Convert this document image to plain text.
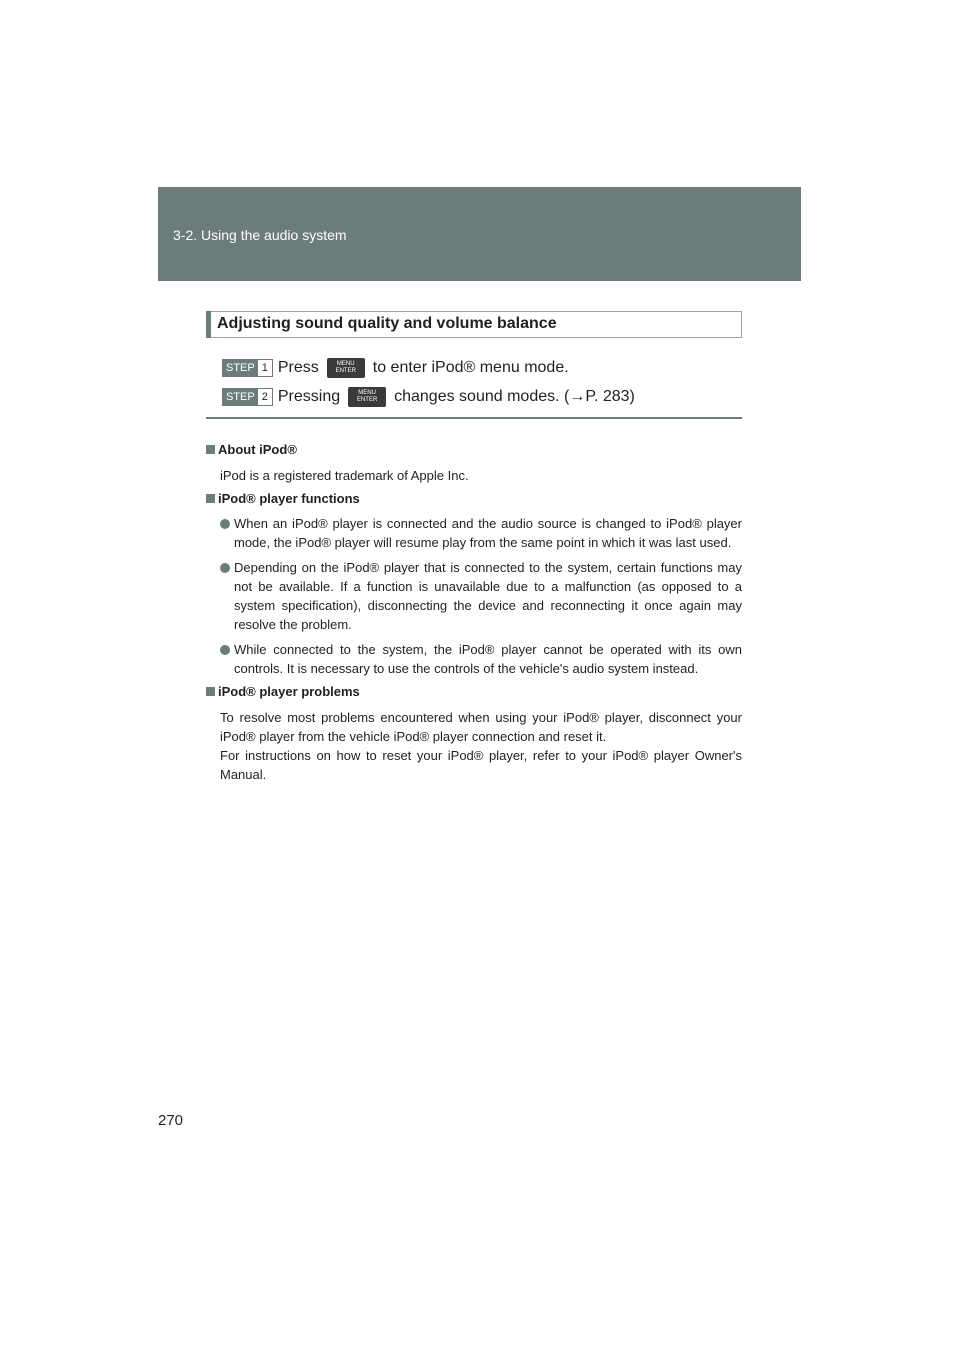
3-2. Using the audio system
Adjusting sound quality and volume balance
STEP 1 Press	MENU ENTER	to enter iPod® menu mode.
STEP 2 Pressing	MENU ENTER	changes sound modes. (→P. 283)
About iPod®
iPod is a registered trademark of Apple Inc.
iPod® player functions
When an iPod® player is connected and the audio source is changed to iPod® player mode, the iPod® player will resume play from the same point in which it was last used.
Depending on the iPod® player that is connected to the system, certain functions may not be available. If a function is unavailable due to a malfunction (as opposed to a system specification), disconnecting the device and reconnecting it once again may resolve the problem.
While connected to the system, the iPod® player cannot be operated with its own controls. It is necessary to use the controls of the vehicle's audio system instead.
iPod® player problems
To resolve most problems encountered when using your iPod® player, disconnect your iPod® player from the vehicle iPod® player connection and reset it.
For instructions on how to reset your iPod® player, refer to your iPod® player Owner's Manual.
270
